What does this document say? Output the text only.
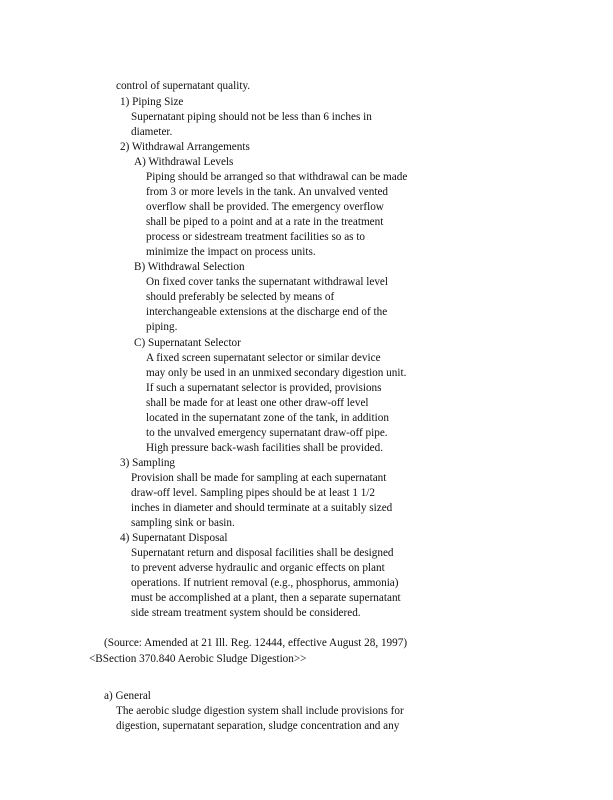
control of supernatant quality.
1) Piping Size
Supernatant piping should not be less than 6 inches in
diameter.
2) Withdrawal Arrangements
A) Withdrawal Levels
Piping should be arranged so that withdrawal can be made
from 3 or more levels in the tank. An unvalved vented
overflow shall be provided. The emergency overflow
shall be piped to a point and at a rate in the treatment
process or sidestream treatment facilities so as to
minimize the impact on process units.
B) Withdrawal Selection
On fixed cover tanks the supernatant withdrawal level
should preferably be selected by means of
interchangeable extensions at the discharge end of the
piping.
C) Supernatant Selector
A fixed screen supernatant selector or similar device
may only be used in an unmixed secondary digestion unit.
If such a supernatant selector is provided, provisions
shall be made for at least one other draw-off level
located in the supernatant zone of the tank, in addition
to the unvalved emergency supernatant draw-off pipe.
High pressure back-wash facilities shall be provided.
3) Sampling
Provision shall be made for sampling at each supernatant
draw-off level. Sampling pipes should be at least 1 1/2
inches in diameter and should terminate at a suitably sized
sampling sink or basin.
4) Supernatant Disposal
Supernatant return and disposal facilities shall be designed
to prevent adverse hydraulic and organic effects on plant
operations. If nutrient removal (e.g., phosphorus, ammonia)
must be accomplished at a plant, then a separate supernatant
side stream treatment system should be considered.
(Source: Amended at 21 Ill. Reg. 12444, effective August 28, 1997)
<BSection 370.840 Aerobic Sludge Digestion>>
a) General
The aerobic sludge digestion system shall include provisions for
digestion, supernatant separation, sludge concentration and any
